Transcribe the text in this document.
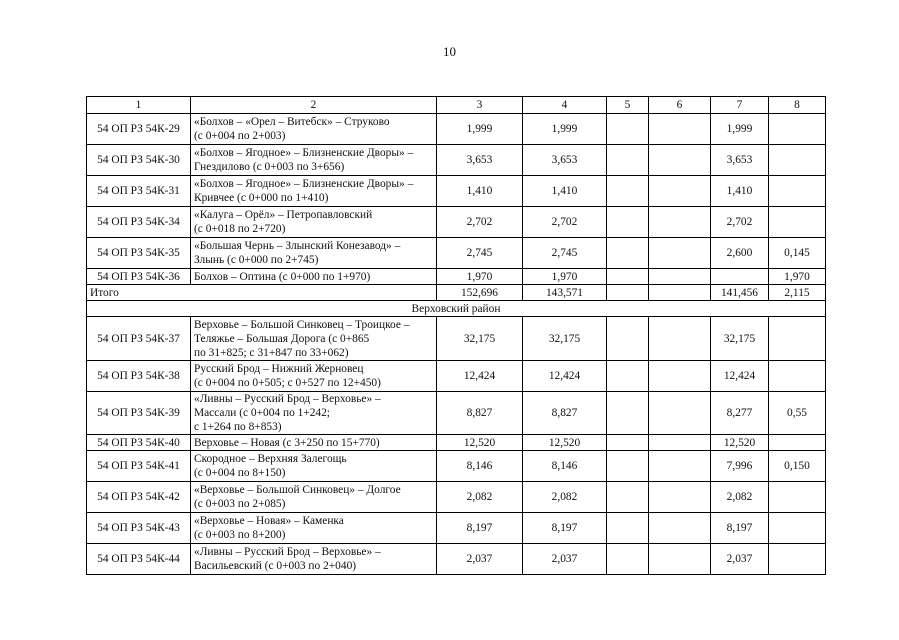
10
1	2	3	4	5	6	7	8
54 ОП РЗ 54К-29	«Болхов – «Орел – Витебск» – Струково
(с 0+004 по 2+003)	1,999	1,999			1,999	
54 ОП РЗ 54К-30	«Болхов – Ягодное» – Близненские Дворы» –
Гнездилово (с 0+003 по 3+656)	3,653	3,653			3,653	
54 ОП РЗ 54К-31	«Болхов – Ягодное» – Близненские Дворы» –
Кривчее (с 0+000 по 1+410)	1,410	1,410			1,410	
54 ОП РЗ 54К-34	«Калуга – Орёл» – Петропавловский
(с 0+018 по 2+720)	2,702	2,702			2,702	
54 ОП РЗ 54К-35	«Большая Чернь – Злынский Конезавод» –
Злынь (с 0+000 по 2+745)	2,745	2,745			2,600	0,145
54 ОП РЗ 54К-36	Болхов – Оптина (с 0+000 по 1+970)	1,970	1,970				1,970
Итого		152,696	143,571			141,456	2,115
Верховский район							
54 ОП РЗ 54К-37	Верховье – Большой Синковец – Троицкое –
Теляжье – Большая Дорога (с 0+865
по 31+825; с 31+847 по 33+062)	32,175	32,175			32,175	
54 ОП РЗ 54К-38	Русский Брод – Нижний Жерновец
(с 0+004 по 0+505; с 0+527 по 12+450)	12,424	12,424			12,424	
54 ОП РЗ 54К-39	«Ливны – Русский Брод – Верховье» –
Массали (с 0+004 по 1+242;
с 1+264 по 8+853)	8,827	8,827			8,277	0,55
54 ОП РЗ 54К-40	Верховье – Новая (с 3+250 по 15+770)	12,520	12,520			12,520	
54 ОП РЗ 54К-41	Скородное – Верхняя Залегощь
(с 0+004 по 8+150)	8,146	8,146			7,996	0,150
54 ОП РЗ 54К-42	«Верховье – Большой Синковец» – Долгое
(с 0+003 по 2+085)	2,082	2,082			2,082	
54 ОП РЗ 54К-43	«Верховье – Новая» – Каменка
(с 0+003 по 8+200)	8,197	8,197			8,197	
54 ОП РЗ 54К-44	«Ливны – Русский Брод – Верховье» –
Васильевский (с 0+003 по 2+040)	2,037	2,037			2,037	
